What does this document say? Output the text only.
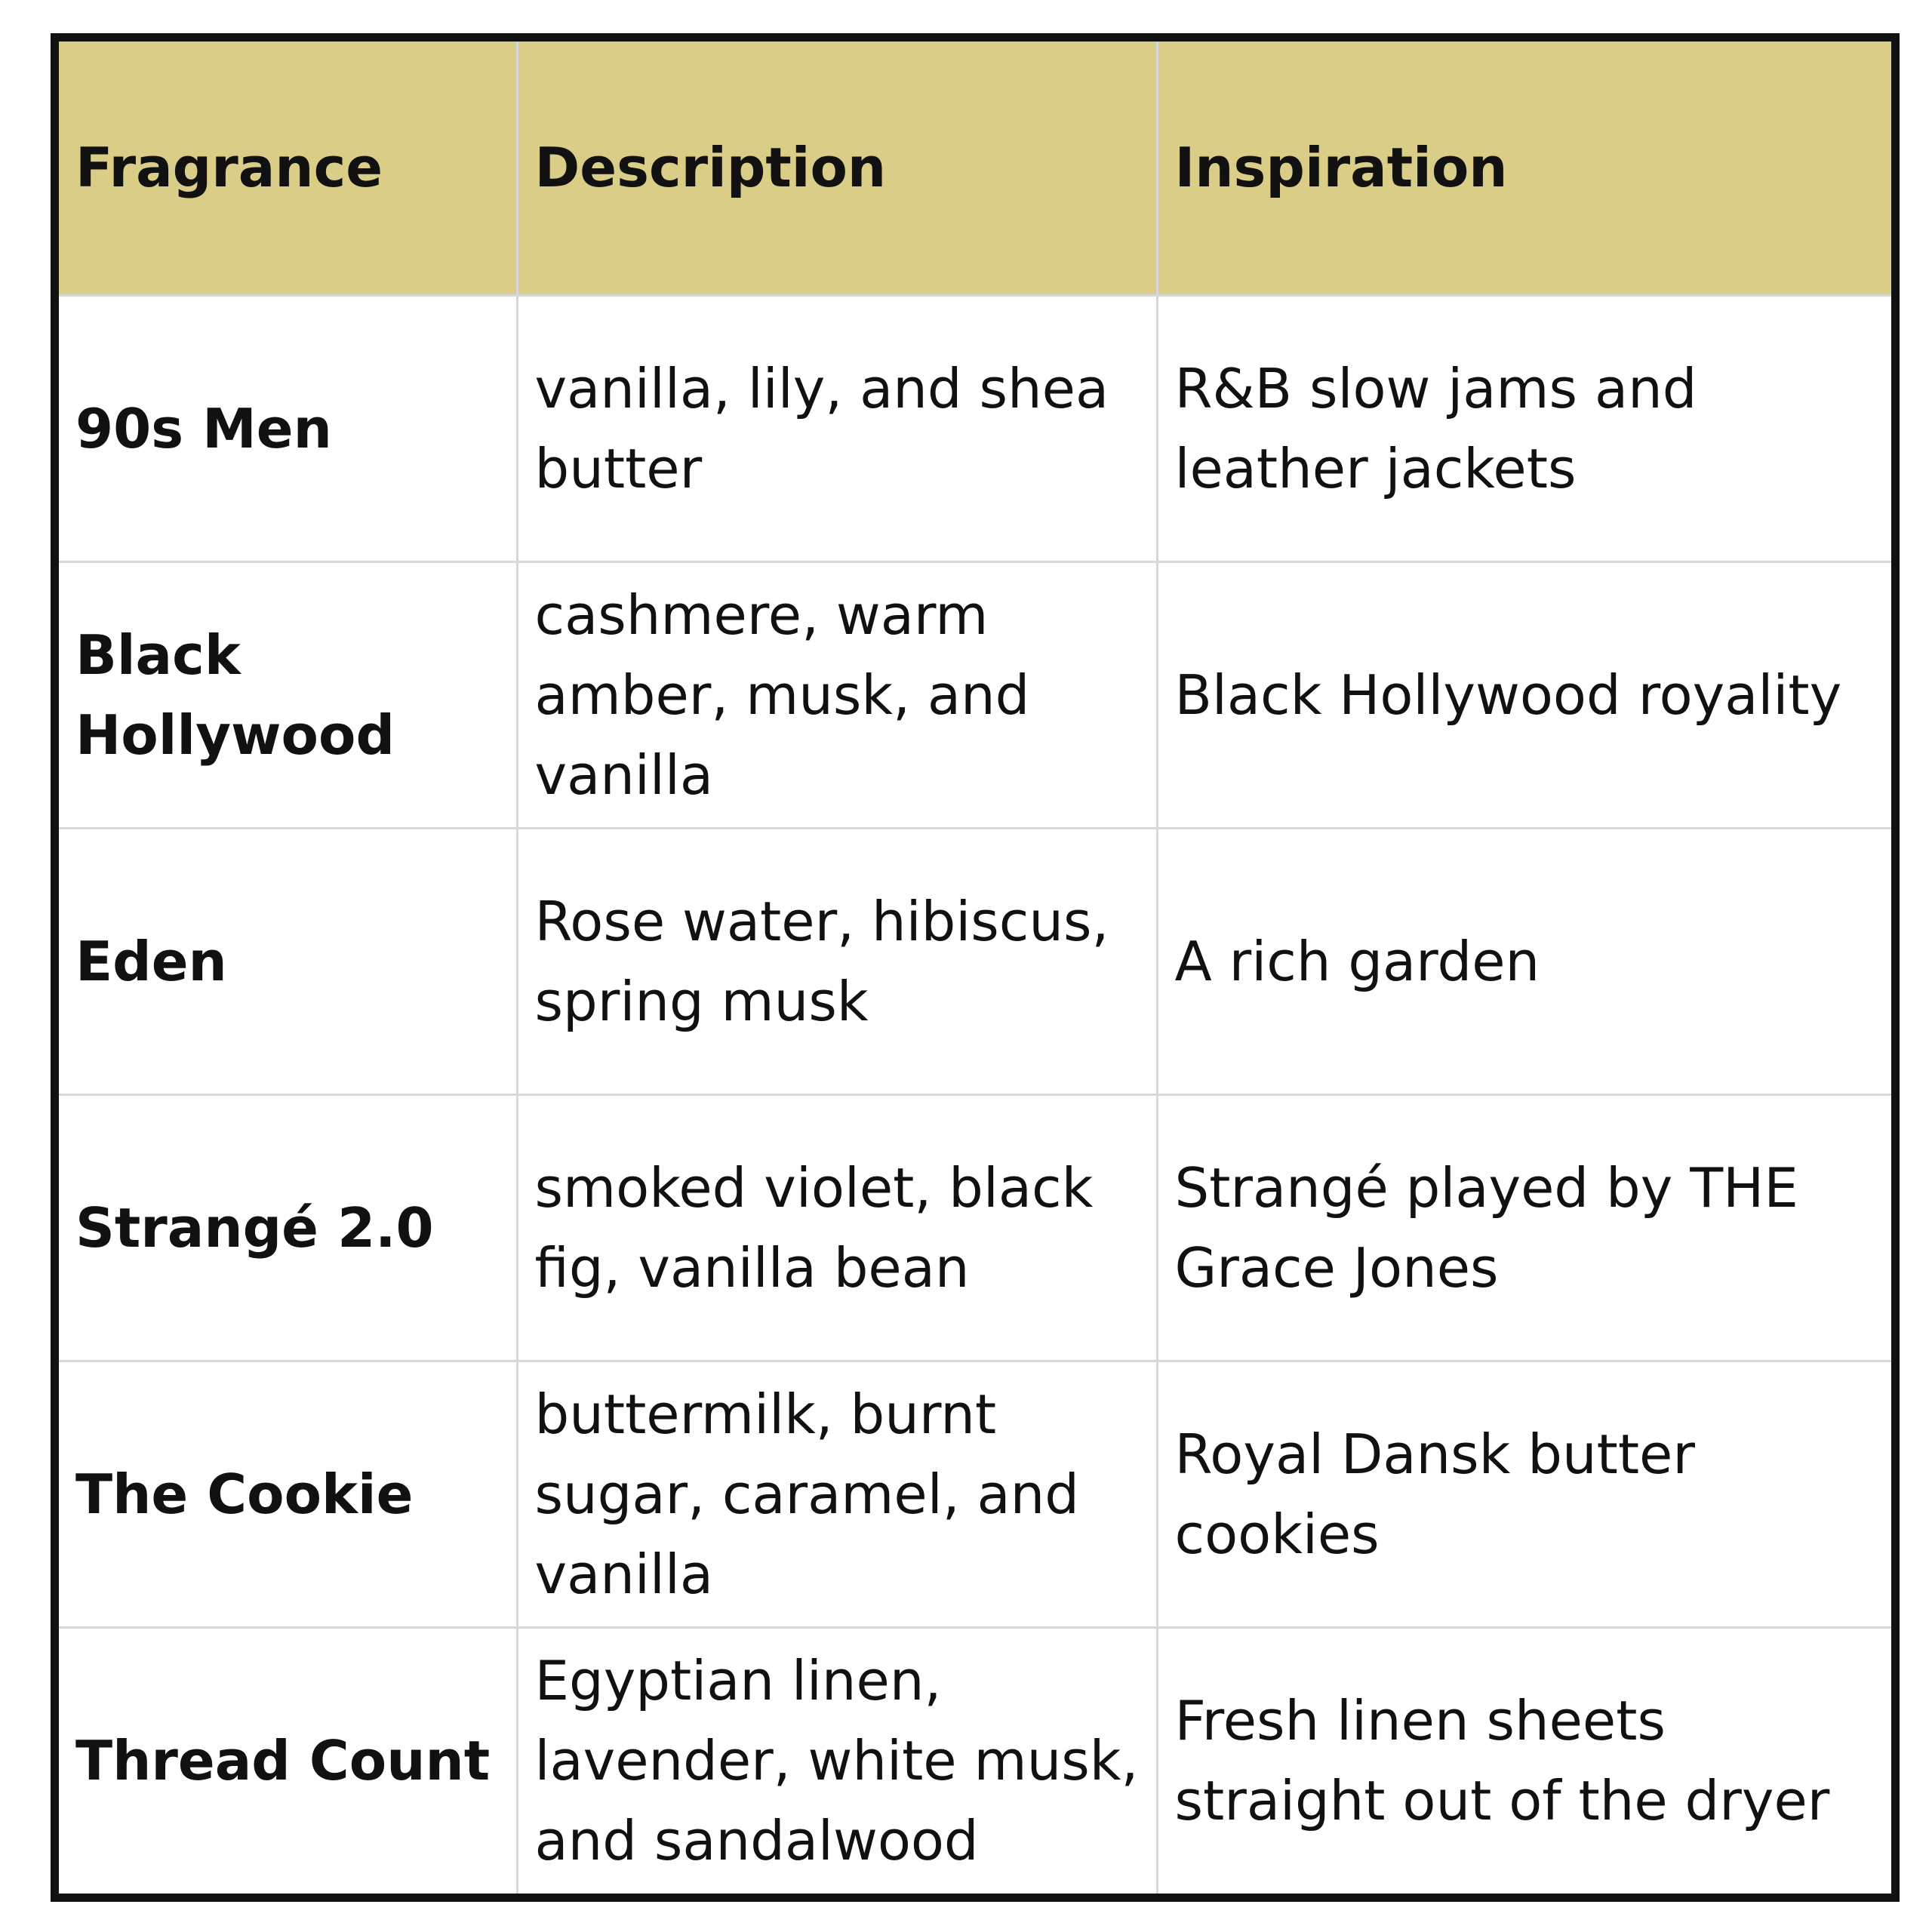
Fragrance	Description	Inspiration
90s Men	vanilla, lily, and shea butter	R&B slow jams and leather jackets
Black Hollywood	cashmere, warm amber, musk, and vanilla	Black Hollywood royality
Eden	Rose water, hibiscus, spring musk	A rich garden
Strangé 2.0	smoked violet, black fig, vanilla bean	Strangé played by THE Grace Jones
The Cookie	buttermilk, burnt sugar, caramel, and vanilla	Royal Dansk butter cookies
Thread Count	Egyptian linen, lavender, white musk, and sandalwood	Fresh linen sheets straight out of the dryer
